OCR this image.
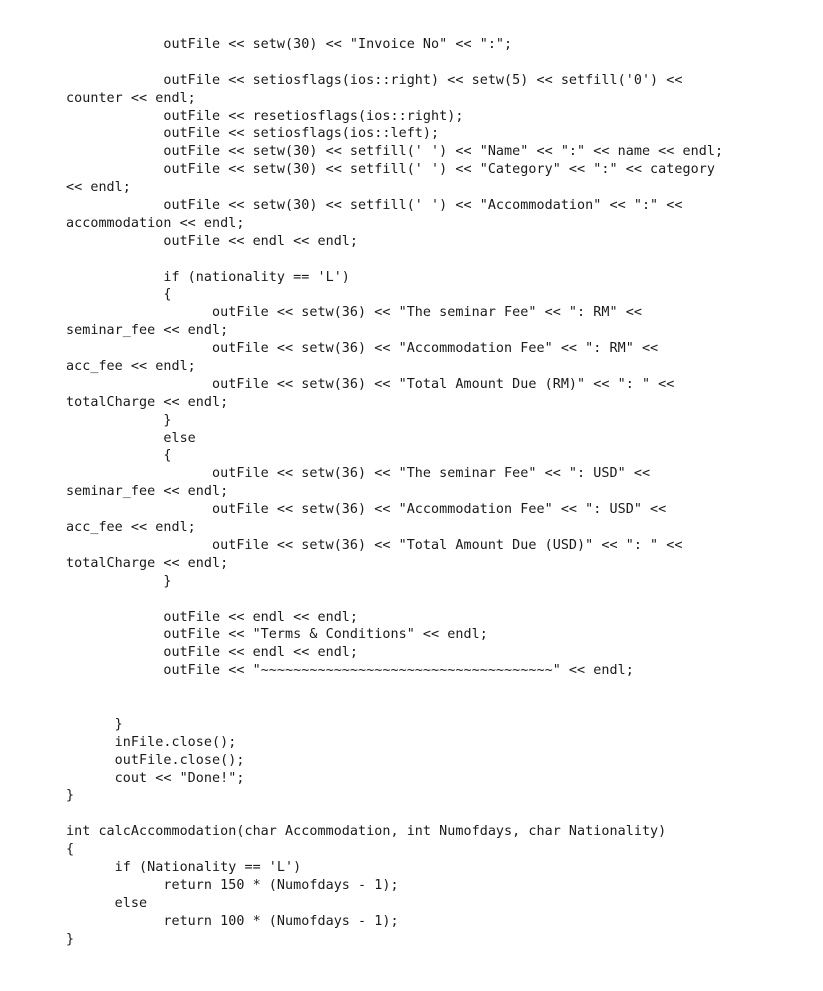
outFile << setw(30) << "Invoice No" << ":";
outFile << setiosflags(ios::right) << setw(5) << setfill('0') <<
counter << endl;
outFile << resetiosflags(ios::right);
outFile << setiosflags(ios::left);
outFile << setw(30) << setfill(' ') << "Name" << ":" << name << endl;
outFile << setw(30) << setfill(' ') << "Category" << ":" << category
<< endl;
outFile << setw(30) << setfill(' ') << "Accommodation" << ":" <<
accommodation << endl;
outFile << endl << endl;
if (nationality == 'L')
{
outFile << setw(36) << "The seminar Fee" << ": RM" <<
seminar_fee << endl;
outFile << setw(36) << "Accommodation Fee" << ": RM" <<
acc_fee << endl;
outFile << setw(36) << "Total Amount Due (RM)" << ": " <<
totalCharge << endl;
}
else
{
outFile << setw(36) << "The seminar Fee" << ": USD" <<
seminar_fee << endl;
outFile << setw(36) << "Accommodation Fee" << ": USD" <<
acc_fee << endl;
outFile << setw(36) << "Total Amount Due (USD)" << ": " <<
totalCharge << endl;
}
outFile << endl << endl;
outFile << "Terms & Conditions" << endl;
outFile << endl << endl;
outFile << "~~~~~~~~~~~~~~~~~~~~~~~~~~~~~~~~~~~~" << endl;
}
inFile.close();
outFile.close();
cout << "Done!";
}
int calcAccommodation(char Accommodation, int Numofdays, char Nationality)
{
if (Nationality == 'L')
return 150 * (Numofdays - 1);
else
return 100 * (Numofdays - 1);
}
